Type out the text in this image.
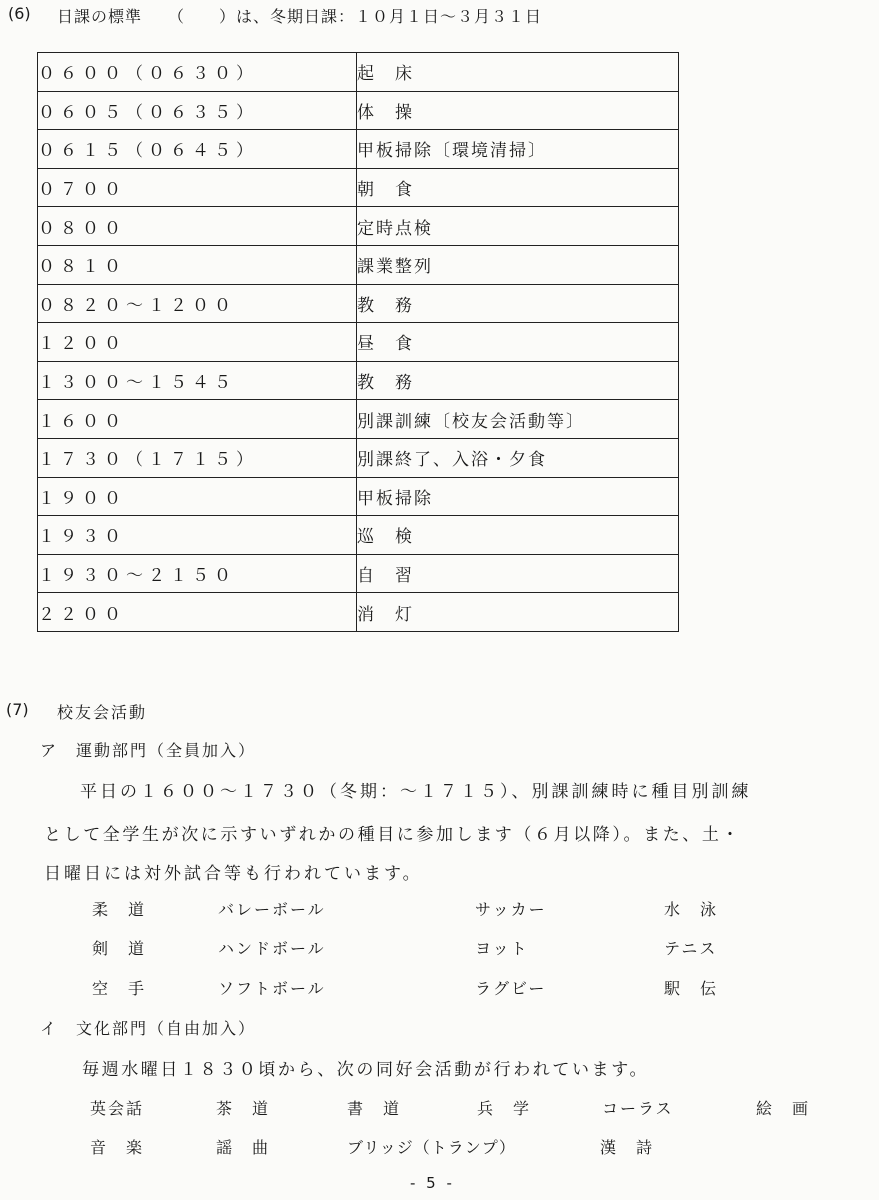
(6) 日課の標準　　（　　）は、冬期日課：１０月１日～３月３１日
０６００（０６３０）	起　床
０６０５（０６３５）	体　操
０６１５（０６４５）	甲板掃除〔環境清掃〕
０７００	朝　食
０８００	定時点検
０８１０	課業整列
０８２０～１２００	教　務
１２００	昼　食
１３００～１５４５	教　務
１６００	別課訓練〔校友会活動等〕
１７３０（１７１５）	別課終了、入浴・夕食
１９００	甲板掃除
１９３０	巡　検
１９３０～２１５０	自　習
２２００	消　灯
(7) 校友会活動
ア　運動部門（全員加入）
平日の１６００～１７３０（冬期：～１７１５）、別課訓練時に種目別訓練
として全学生が次に示すいずれかの種目に参加します（６月以降）。また、土・
日曜日には対外試合等も行われています。
柔　道	バレーボール	サッカー	水　泳
剣　道	ハンドボール	ヨット	テニス
空　手	ソフトボール	ラグビー	駅　伝
イ　文化部門（自由加入）
毎週水曜日１８３０頃から、次の同好会活動が行われています。
英会話	茶　道	書　道	兵　学	コーラス	絵　画
音　楽	謡　曲	ブリッジ（トランプ）	漢　詩
- 5 -
